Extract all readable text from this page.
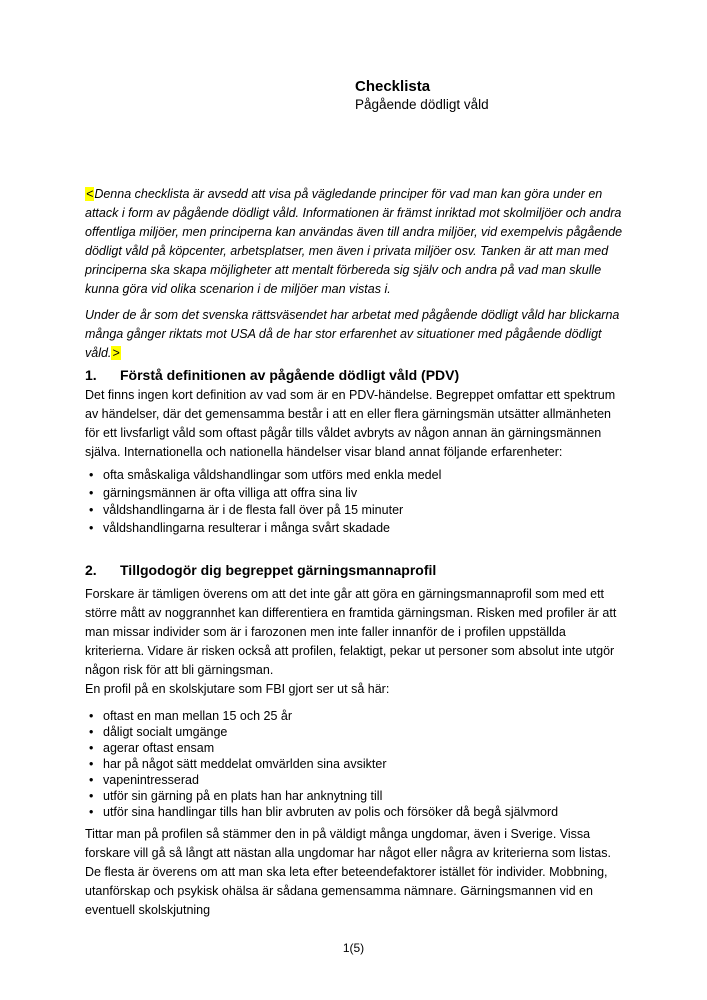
Checklista
Pågående dödligt våld

<Denna checklista är avsedd att visa på vägledande principer för vad man kan göra under en attack i form av pågående dödligt våld. Informationen är främst inriktad mot skolmiljöer och andra offentliga miljöer, men principerna kan användas även till andra miljöer, vid exempelvis pågående dödligt våld på köpcenter, arbetsplatser, men även i privata miljöer osv. Tanken är att man med principerna ska skapa möjligheter att mentalt förbereda sig själv och andra på vad man skulle kunna göra vid olika scenarion i de miljöer man vistas i.

Under de år som det svenska rättsväsendet har arbetat med pågående dödligt våld har blickarna många gånger riktats mot USA då de har stor erfarenhet av situationer med pågående dödligt våld.>

1.	Förstå definitionen av pågående dödligt våld (PDV)

Det finns ingen kort definition av vad som är en PDV-händelse. Begreppet omfattar ett spektrum av händelser, där det gemensamma består i att en eller flera gärningsmän utsätter allmänheten för ett livsfarligt våld som oftast pågår tills våldet avbryts av någon annan än gärningsmännen själva. Internationella och nationella händelser visar bland annat följande erfarenheter:

• ofta småskaliga våldshandlingar som utförs med enkla medel
• gärningsmännen är ofta villiga att offra sina liv
• våldshandlingarna är i de flesta fall över på 15 minuter
• våldshandlingarna resulterar i många svårt skadade
2.	Tillgodogör dig begreppet gärningsmannaprofil

Forskare är tämligen överens om att det inte går att göra en gärningsmannaprofil som med ett större mått av noggrannhet kan differentiera en framtida gärningsman. Risken med profiler är att man missar individer som är i farozonen men inte faller innanför de i profilen uppställda kriterierna. Vidare är risken också att profilen, felaktigt, pekar ut personer som absolut inte utgör någon risk för att bli gärningsman.

En profil på en skolskjutare som FBI gjort ser ut så här:

• oftast en man mellan 15 och 25 år
• dåligt socialt umgänge
• agerar oftast ensam
• har på något sätt meddelat omvärlden sina avsikter
• vapenintresserad
• utför sin gärning på en plats han har anknytning till
• utför sina handlingar tills han blir avbruten av polis och försöker då begå självmord

Tittar man på profilen så stämmer den in på väldigt många ungdomar, även i Sverige. Vissa forskare vill gå så långt att nästan alla ungdomar har något eller några av kriterierna som listas. De flesta är överens om att man ska leta efter beteendefaktorer istället för individer. Mobbning, utanförskap och psykisk ohälsa är sådana gemensamma nämnare. Gärningsmannen vid en eventuell skolskjutning

1(5)
